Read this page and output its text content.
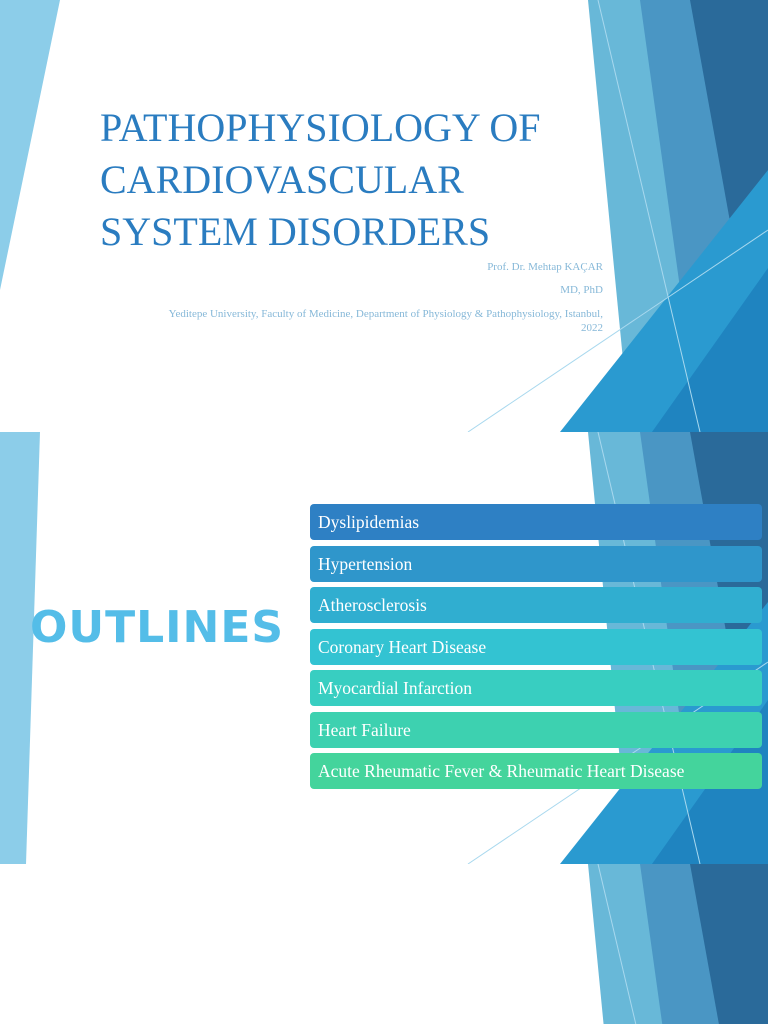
PATHOPHYSIOLOGY OF
CARDIOVASCULAR
SYSTEM DISORDERS
Prof. Dr. Mehtap KAÇAR
MD, PhD
Yeditepe University, Faculty of Medicine, Department of Physiology & Pathophysiology, Istanbul,
2022
OUTLINES
Dyslipidemias
Hypertension
Atherosclerosis
Coronary Heart Disease
Myocardial Infarction
Heart Failure
Acute Rheumatic Fever & Rheumatic Heart Disease
